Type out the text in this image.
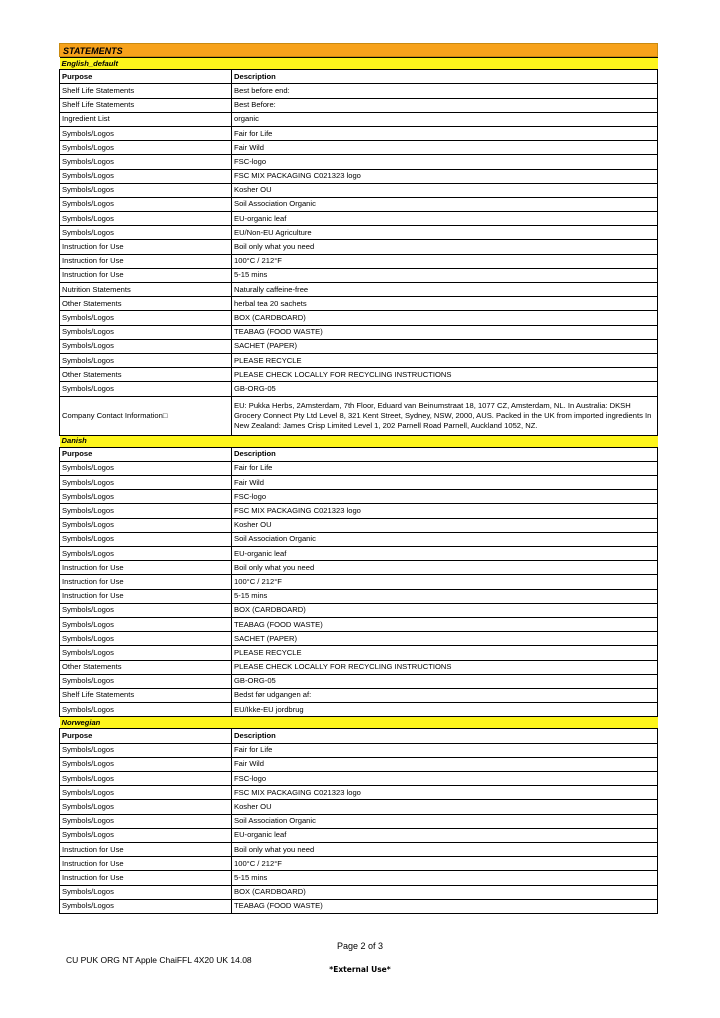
STATEMENTS
English_default	
Purpose	Description
Shelf Life Statements	Best before end:
Shelf Life Statements	Best Before:
Ingredient List	organic
Symbols/Logos	Fair for Life
Symbols/Logos	Fair Wild
Symbols/Logos	FSC-logo
Symbols/Logos	FSC MIX PACKAGING C021323 logo
Symbols/Logos	Kosher OU
Symbols/Logos	Soil Association Organic
Symbols/Logos	EU-organic leaf
Symbols/Logos	EU/Non-EU Agriculture
Instruction for Use	Boil only what you need
Instruction for Use	100°C / 212°F
Instruction for Use	5-15 mins
Nutrition Statements	Naturally caffeine-free
Other Statements	herbal tea 20 sachets
Symbols/Logos	BOX (CARDBOARD)
Symbols/Logos	TEABAG (FOOD WASTE)
Symbols/Logos	SACHET (PAPER)
Symbols/Logos	PLEASE RECYCLE
Other Statements	PLEASE CHECK LOCALLY FOR RECYCLING INSTRUCTIONS
Symbols/Logos	GB-ORG-05
Company Contact Information□	EU: Pukka Herbs, 2Amsterdam, 7th Floor, Eduard van Beinumstraat 18, 1077 CZ, Amsterdam, NL. In Australia: DKSH Grocery Connect Pty Ltd Level 8, 321 Kent Street, Sydney, NSW, 2000, AUS. Packed in the UK from imported ingredients In New Zealand: James Crisp Limited Level 1, 202 Parnell Road Parnell, Auckland 1052, NZ.
Danish	
Purpose	Description
Symbols/Logos	Fair for Life
Symbols/Logos	Fair Wild
Symbols/Logos	FSC-logo
Symbols/Logos	FSC MIX PACKAGING C021323 logo
Symbols/Logos	Kosher OU
Symbols/Logos	Soil Association Organic
Symbols/Logos	EU-organic leaf
Instruction for Use	Boil only what you need
Instruction for Use	100°C / 212°F
Instruction for Use	5-15 mins
Symbols/Logos	BOX (CARDBOARD)
Symbols/Logos	TEABAG (FOOD WASTE)
Symbols/Logos	SACHET (PAPER)
Symbols/Logos	PLEASE RECYCLE
Other Statements	PLEASE CHECK LOCALLY FOR RECYCLING INSTRUCTIONS
Symbols/Logos	GB-ORG-05
Shelf Life Statements	Bedst før udgangen af:
Symbols/Logos	EU/Ikke-EU jordbrug
Norwegian	
Purpose	Description
Symbols/Logos	Fair for Life
Symbols/Logos	Fair Wild
Symbols/Logos	FSC-logo
Symbols/Logos	FSC MIX PACKAGING C021323 logo
Symbols/Logos	Kosher OU
Symbols/Logos	Soil Association Organic
Symbols/Logos	EU-organic leaf
Instruction for Use	Boil only what you need
Instruction for Use	100°C / 212°F
Instruction for Use	5-15 mins
Symbols/Logos	BOX (CARDBOARD)
Symbols/Logos	TEABAG (FOOD WASTE)
Page 2 of 3
CU PUK ORG NT Apple ChaiFFL 4X20 UK 14.08
*External Use*
